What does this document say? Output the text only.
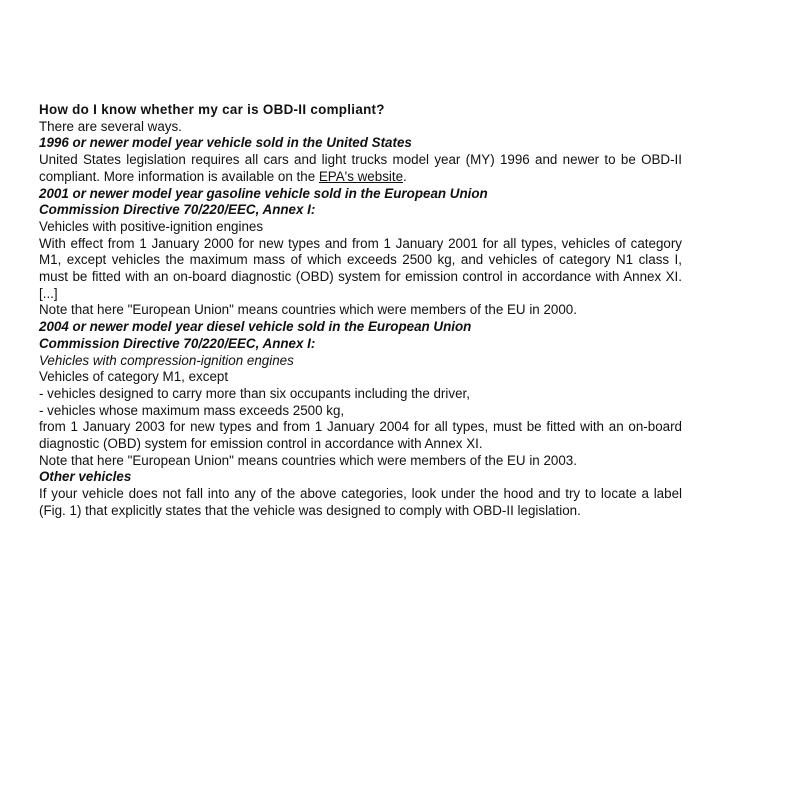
How do I know whether my car is OBD-II compliant?

There are several ways.

1996 or newer model year vehicle sold in the United States

United States legislation requires all cars and light trucks model year (MY) 1996 and newer to be OBD-II compliant. More information is available on the EPA's website.

2001 or newer model year gasoline vehicle sold in the European Union

Commission Directive 70/220/EEC, Annex I:

Vehicles with positive-ignition engines

With effect from 1 January 2000 for new types and from 1 January 2001 for all types, vehicles of category M1, except vehicles the maximum mass of which exceeds 2500 kg, and vehicles of category N1 class I, must be fitted with an on-board diagnostic (OBD) system for emission control in accordance with Annex XI. [...]

Note that here "European Union" means countries which were members of the EU in 2000.

2004 or newer model year diesel vehicle sold in the European Union

Commission Directive 70/220/EEC, Annex I:

Vehicles with compression-ignition engines

Vehicles of category M1, except

- vehicles designed to carry more than six occupants including the driver,

- vehicles whose maximum mass exceeds 2500 kg,

from 1 January 2003 for new types and from 1 January 2004 for all types, must be fitted with an on-board diagnostic (OBD) system for emission control in accordance with Annex XI.

Note that here "European Union" means countries which were members of the EU in 2003.

Other vehicles

If your vehicle does not fall into any of the above categories, look under the hood and try to locate a label (Fig. 1) that explicitly states that the vehicle was designed to comply with OBD-II legislation.
